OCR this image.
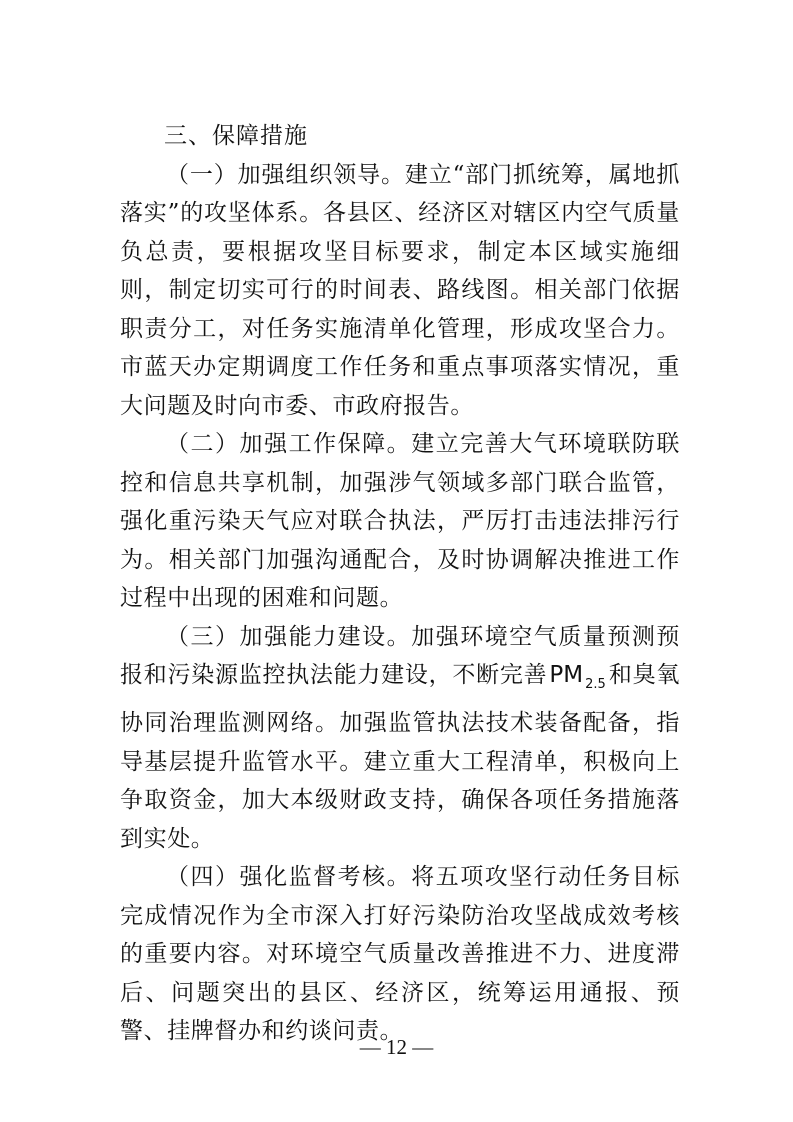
三、保障措施

（一）加强组织领导。建立“部门抓统筹，属地抓落实”的攻坚体系。各县区、经济区对辖区内空气质量负总责，要根据攻坚目标要求，制定本区域实施细则，制定切实可行的时间表、路线图。相关部门依据职责分工，对任务实施清单化管理，形成攻坚合力。市蓝天办定期调度工作任务和重点事项落实情况，重大问题及时向市委、市政府报告。

（二）加强工作保障。建立完善大气环境联防联控和信息共享机制，加强涉气领域多部门联合监管，强化重污染天气应对联合执法，严厉打击违法排污行为。相关部门加强沟通配合，及时协调解决推进工作过程中出现的困难和问题。

（三）加强能力建设。加强环境空气质量预测预报和污染源监控执法能力建设，不断完善PM $_{2.5}$ 和臭氧协同治理监测网络。加强监管执法技术装备配备，指导基层提升监管水平。建立重大工程清单，积极向上争取资金，加大本级财政支持，确保各项任务措施落到实处。

（四）强化监督考核。将五项攻坚行动任务目标完成情况作为全市深入打好污染防治攻坚战成效考核的重要内容。对环境空气质量改善推进不力、进度滞后、问题突出的县区、经济区，统筹运用通报、预警、挂牌督办和约谈问责。

— 12 —
